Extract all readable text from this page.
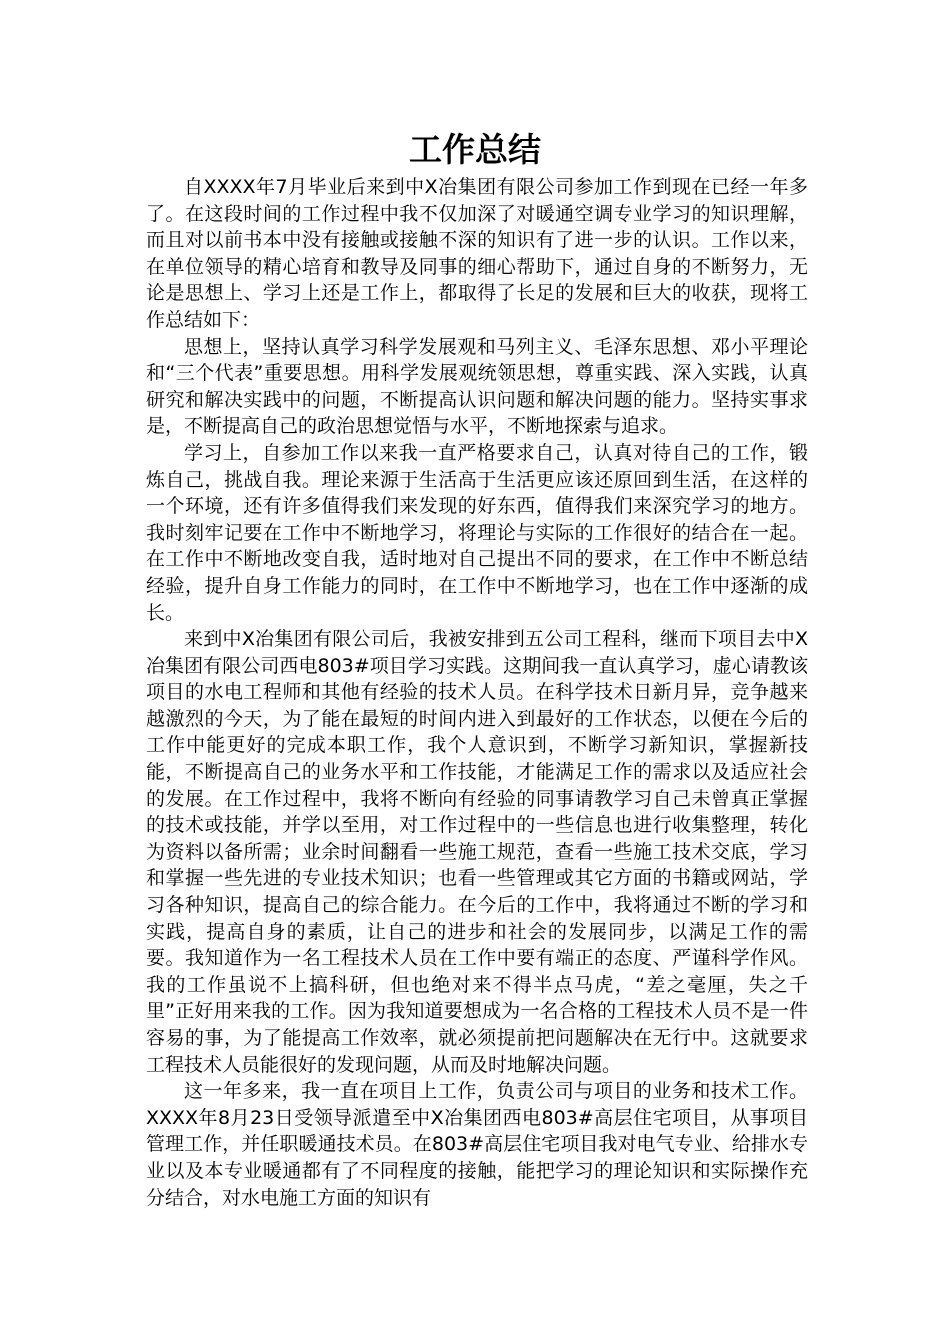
工作总结

自XXXX年7月毕业后来到中X冶集团有限公司参加工作到现在已经一年多了。在这段时间的工作过程中我不仅加深了对暖通空调专业学习的知识理解，而且对以前书本中没有接触或接触不深的知识有了进一步的认识。工作以来，在单位领导的精心培育和教导及同事的细心帮助下，通过自身的不断努力，无论是思想上、学习上还是工作上，都取得了长足的发展和巨大的收获，现将工作总结如下：

思想上，坚持认真学习科学发展观和马列主义、毛泽东思想、邓小平理论和“三个代表”重要思想。用科学发展观统领思想，尊重实践、深入实践，认真研究和解决实践中的问题，不断提高认识问题和解决问题的能力。坚持实事求是，不断提高自己的政治思想觉悟与水平，不断地探索与追求。

学习上，自参加工作以来我一直严格要求自己，认真对待自己的工作，锻炼自己，挑战自我。理论来源于生活高于生活更应该还原回到生活，在这样的一个环境，还有许多值得我们来发现的好东西，值得我们来深究学习的地方。我时刻牢记要在工作中不断地学习，将理论与实际的工作很好的结合在一起。在工作中不断地改变自我，适时地对自己提出不同的要求，在工作中不断总结经验，提升自身工作能力的同时，在工作中不断地学习，也在工作中逐渐的成长。

来到中X冶集团有限公司后，我被安排到五公司工程科，继而下项目去中X冶集团有限公司西电803#项目学习实践。这期间我一直认真学习，虚心请教该项目的水电工程师和其他有经验的技术人员。在科学技术日新月异，竞争越来越激烈的今天，为了能在最短的时间内进入到最好的工作状态，以便在今后的工作中能更好的完成本职工作，我个人意识到，不断学习新知识，掌握新技能，不断提高自己的业务水平和工作技能，才能满足工作的需求以及适应社会的发展。在工作过程中，我将不断向有经验的同事请教学习自己未曾真正掌握的技术或技能，并学以至用，对工作过程中的一些信息也进行收集整理，转化为资料以备所需；业余时间翻看一些施工规范，查看一些施工技术交底，学习和掌握一些先进的专业技术知识；也看一些管理或其它方面的书籍或网站，学习各种知识，提高自己的综合能力。在今后的工作中，我将通过不断的学习和实践，提高自身的素质，让自己的进步和社会的发展同步，以满足工作的需要。我知道作为一名工程技术人员在工作中要有端正的态度、严谨科学作风。我的工作虽说不上搞科研，但也绝对来不得半点马虎，“差之毫厘，失之千里”正好用来我的工作。因为我知道要想成为一名合格的工程技术人员不是一件容易的事，为了能提高工作效率，就必须提前把问题解决在无行中。这就要求工程技术人员能很好的发现问题，从而及时地解决问题。

这一年多来，我一直在项目上工作，负责公司与项目的业务和技术工作。XXXX年8月23日受领导派遣至中X冶集团西电803#高层住宅项目，从事项目管理工作，并任职暖通技术员。在803#高层住宅项目我对电气专业、给排水专业以及本专业暖通都有了不同程度的接触，能把学习的理论知识和实际操作充分结合，对水电施工方面的知识有
